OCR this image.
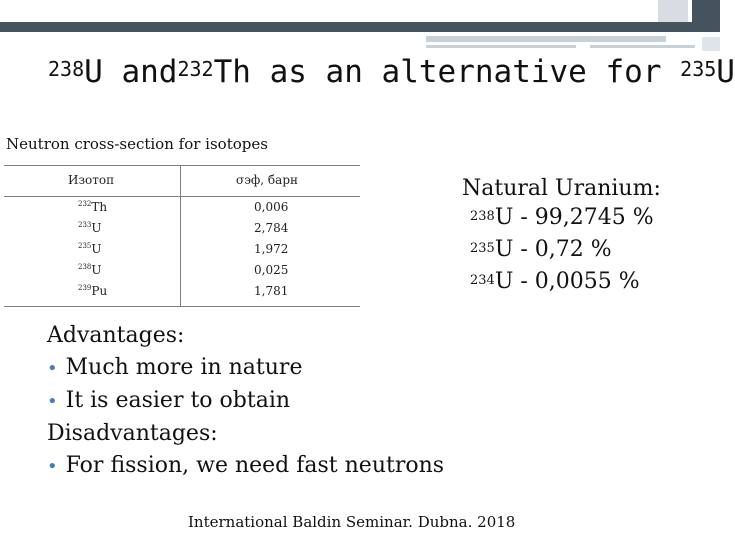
$^{238}$U and$^{232}$Th as an alternative for $^{235}$U
Neutron cross-section for isotopes
Изотоп	σэф, барн
$^{232}$Th	0,006
$^{233}$U	2,784
$^{235}$U	1,972
$^{238}$U	0,025
$^{239}$Pu	1,781
Natural Uranium:
$^{238}$U - 99,2745 %
$^{235}$U - 0,72 %
$^{234}$U - 0,0055 %
Advantages:
• Much more in nature
• It is easier to obtain
Disadvantages:
• For fission, we need fast neutrons
International Baldin Seminar. Dubna. 2018
